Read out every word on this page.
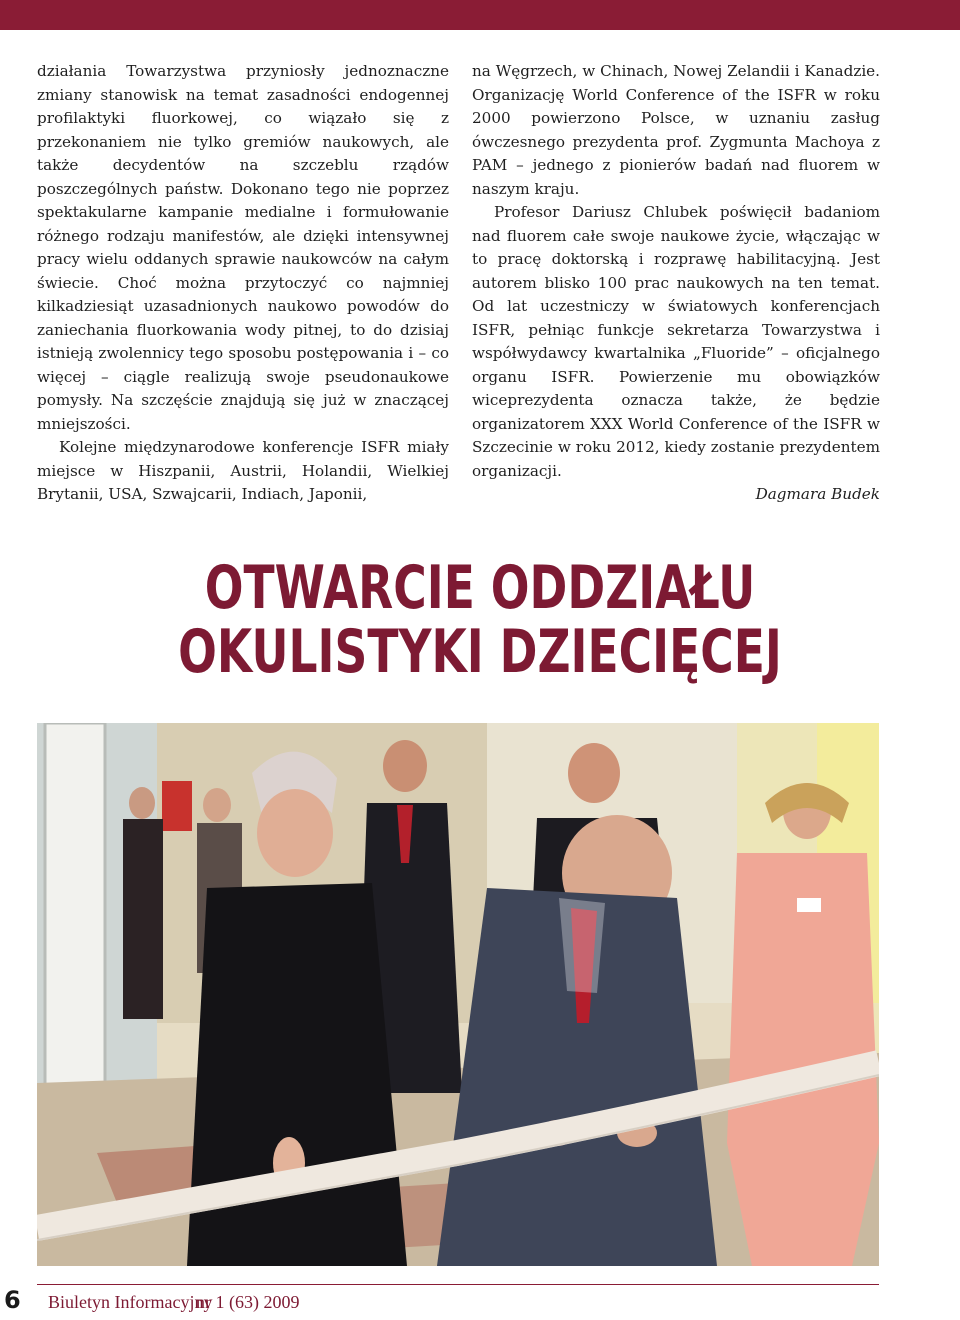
działania Towarzystwa przyniosły jednoznaczne zmiany stanowisk na temat zasadności endogennej profilaktyki fluorkowej, co wiązało się z przekonaniem nie tylko gremiów naukowych, ale także decydentów na szczeblu rządów poszczególnych państw. Dokonano tego nie poprzez spektakularne kampanie medialne i formułowanie różnego rodzaju manifestów, ale dzięki intensywnej pracy wielu oddanych sprawie naukowców na całym świecie. Choć można przytoczyć co najmniej kilkadziesiąt uzasadnionych naukowo powodów do zaniechania fluorkowania wody pitnej, to do dzisiaj istnieją zwolennicy tego sposobu postępowania i – co więcej – ciągle realizują swoje pseudonaukowe pomysły. Na szczęście znajdują się już w znaczącej mniejszości.

Kolejne międzynarodowe konferencje ISFR miały miejsce w Hiszpanii, Austrii, Holandii, Wielkiej Brytanii, USA, Szwajcarii, Indiach, Japonii,

na Węgrzech, w Chinach, Nowej Zelandii i Kanadzie. Organizację World Conference of the ISFR w roku 2000 powierzono Polsce, w uznaniu zasług ówczesnego prezydenta prof. Zygmunta Machoya z PAM – jednego z pionierów badań nad fluorem w naszym kraju.

Profesor Dariusz Chlubek poświęcił badaniom nad fluorem całe swoje naukowe życie, włączając w to pracę doktorską i rozprawę habilitacyjną. Jest autorem blisko 100 prac naukowych na ten temat. Od lat uczestniczy w światowych konferencjach ISFR, pełniąc funkcje sekretarza Towarzystwa i współwydawcy kwartalnika „Fluoride” – oficjalnego organu ISFR. Powierzenie mu obowiązków wiceprezydenta oznacza także, że będzie organizatorem XXX World Conference of the ISFR w Szczecinie w roku 2012, kiedy zostanie prezydentem organizacji.

Dagmara Budek

OTWARCIE ODDZIAŁU
OKULISTYKI DZIECIĘCEJ
6 Biuletyn Informacyjny
nr 1 (63) 2009
